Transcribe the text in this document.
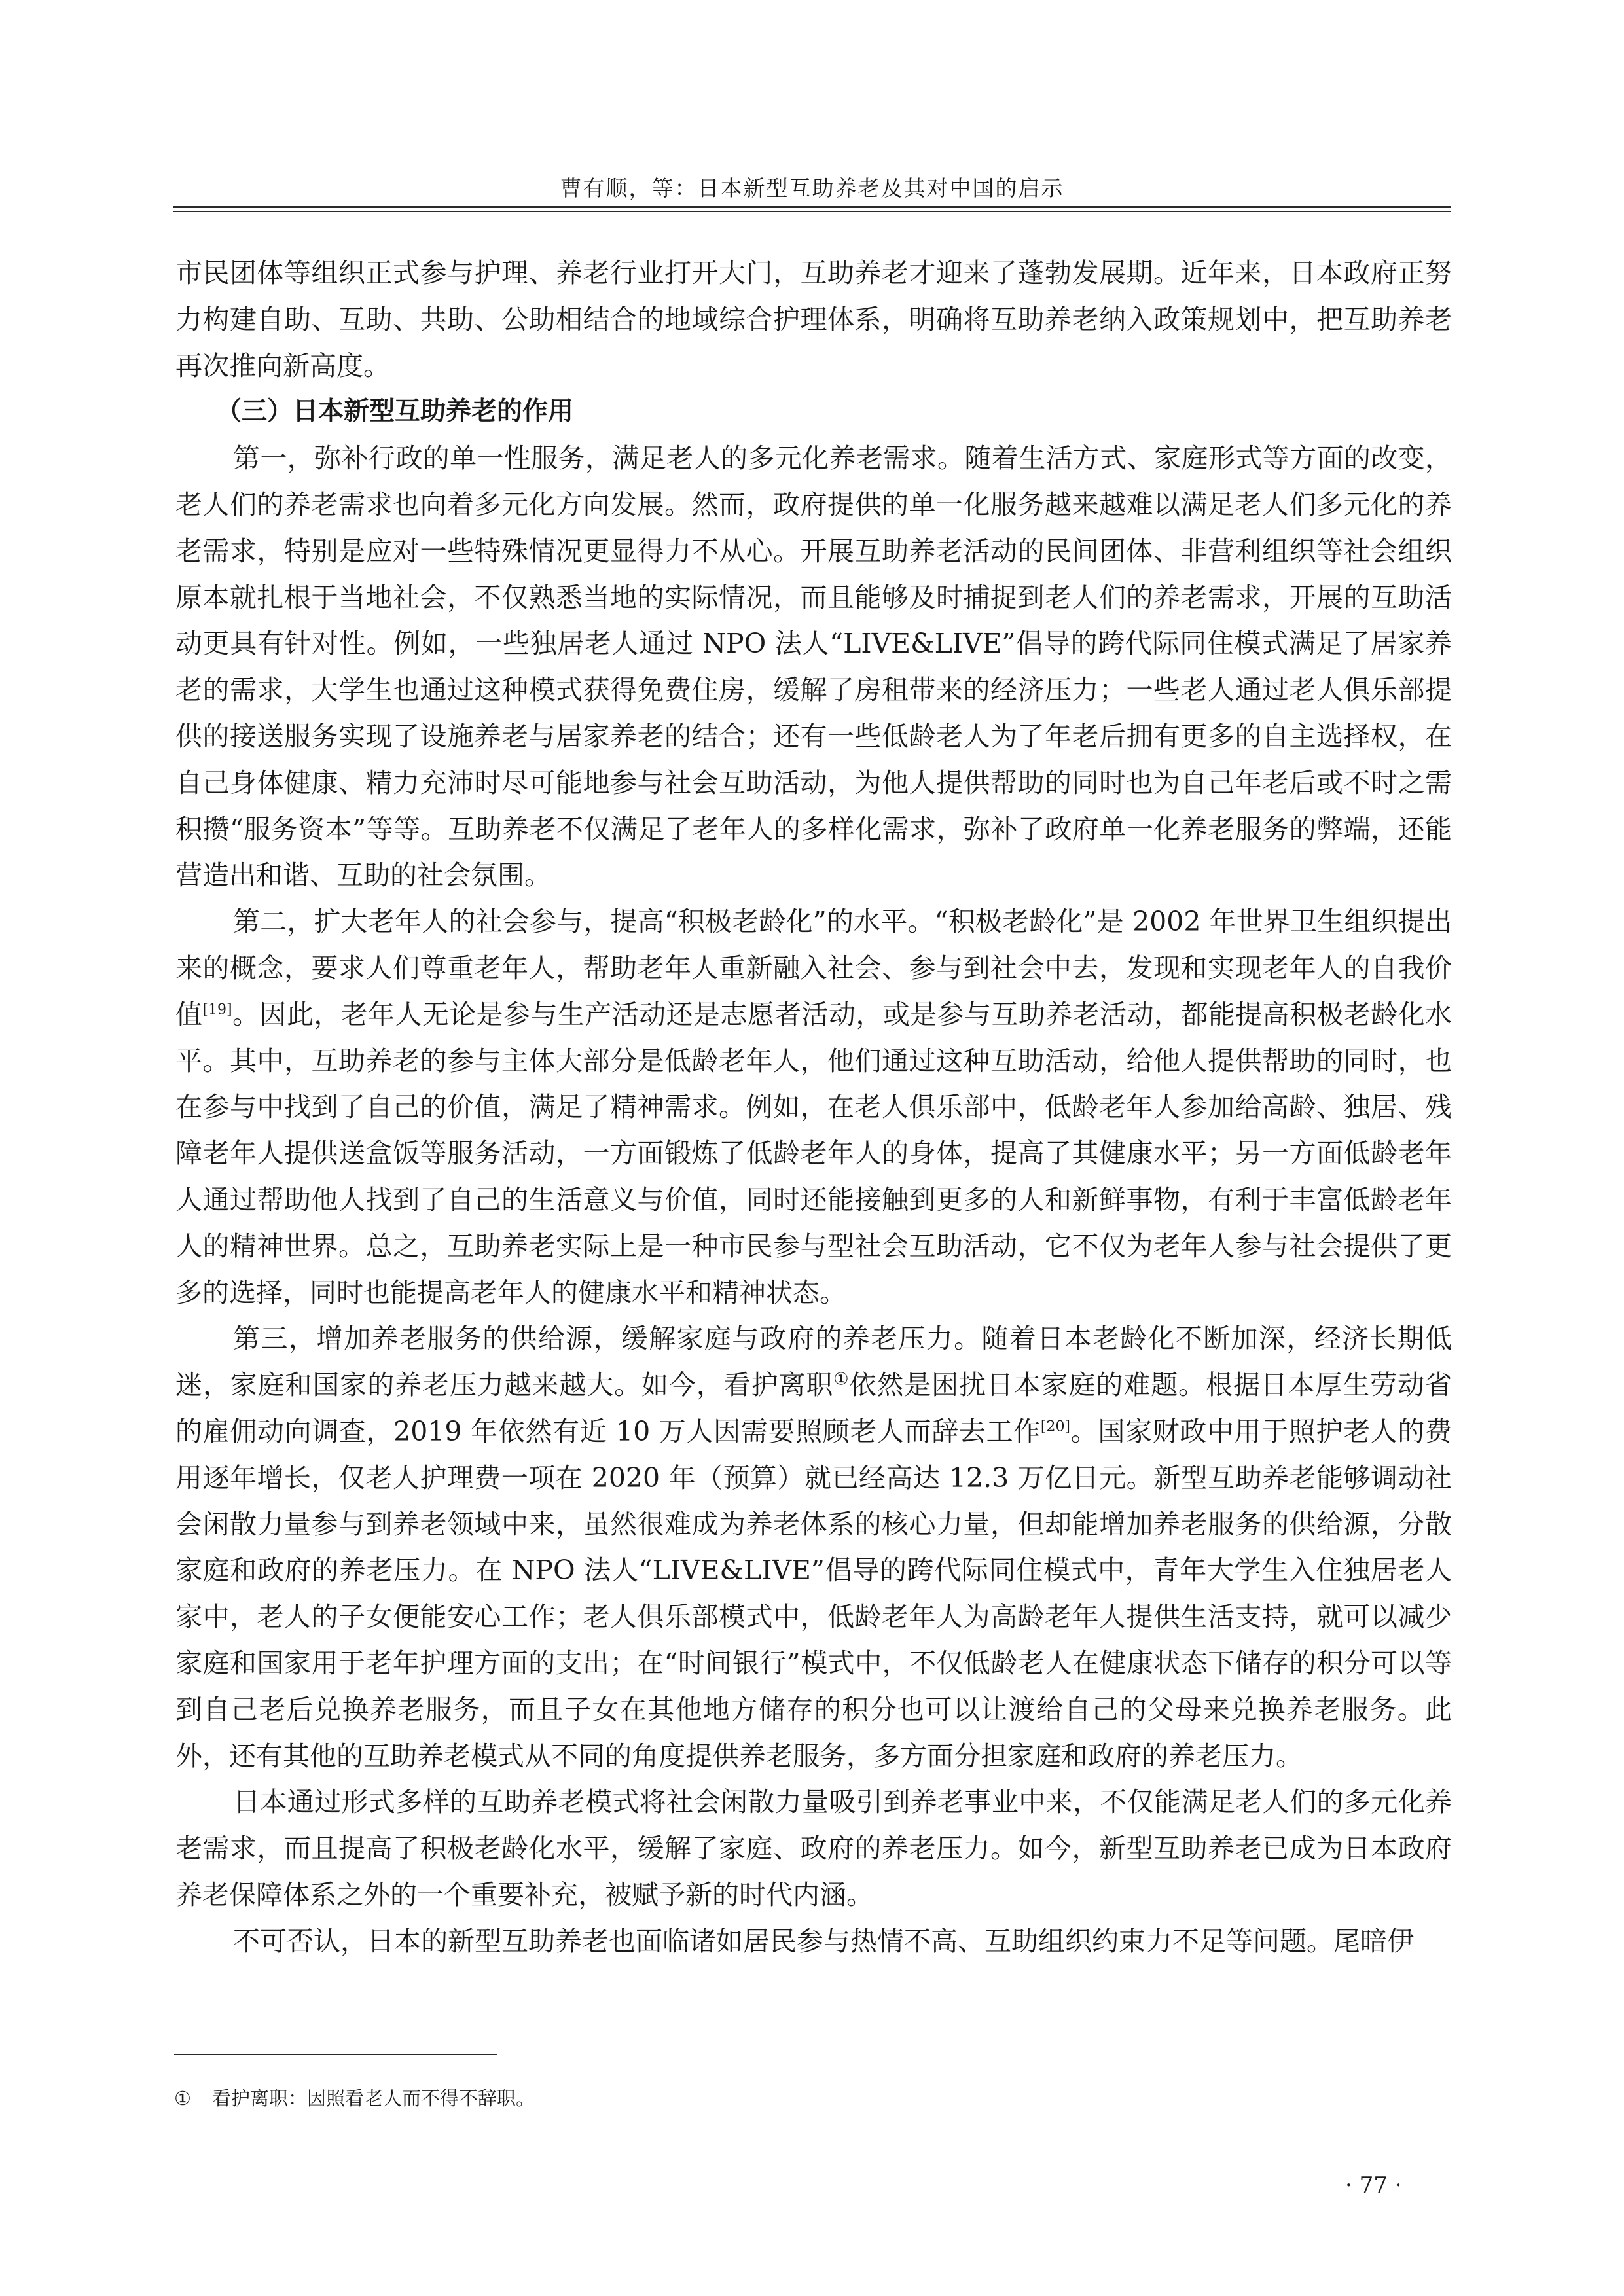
曹有顺，等：日本新型互助养老及其对中国的启示

市民团体等组织正式参与护理、养老行业打开大门，互助养老才迎来了蓬勃发展期。近年来，日本政府正努力构建自助、互助、共助、公助相结合的地域综合护理体系，明确将互助养老纳入政策规划中，把互助养老再次推向新高度。

（三）日本新型互助养老的作用

第一，弥补行政的单一性服务，满足老人的多元化养老需求。随着生活方式、家庭形式等方面的改变，老人们的养老需求也向着多元化方向发展。然而，政府提供的单一化服务越来越难以满足老人们多元化的养老需求，特别是应对一些特殊情况更显得力不从心。开展互助养老活动的民间团体、非营利组织等社会组织原本就扎根于当地社会，不仅熟悉当地的实际情况，而且能够及时捕捉到老人们的养老需求，开展的互助活动更具有针对性。例如，一些独居老人通过 NPO 法人“LIVE&LIVE”倡导的跨代际同住模式满足了居家养老的需求，大学生也通过这种模式获得免费住房，缓解了房租带来的经济压力；一些老人通过老人俱乐部提供的接送服务实现了设施养老与居家养老的结合；还有一些低龄老人为了年老后拥有更多的自主选择权，在自己身体健康、精力充沛时尽可能地参与社会互助活动，为他人提供帮助的同时也为自己年老后或不时之需积攒“服务资本”等等。互助养老不仅满足了老年人的多样化需求，弥补了政府单一化养老服务的弊端，还能营造出和谐、互助的社会氛围。

第二，扩大老年人的社会参与，提高“积极老龄化”的水平。“积极老龄化”是 2002 年世界卫生组织提出来的概念，要求人们尊重老年人，帮助老年人重新融入社会、参与到社会中去，发现和实现老年人的自我价值[19]。因此，老年人无论是参与生产活动还是志愿者活动，或是参与互助养老活动，都能提高积极老龄化水平。其中，互助养老的参与主体大部分是低龄老年人，他们通过这种互助活动，给他人提供帮助的同时，也在参与中找到了自己的价值，满足了精神需求。例如，在老人俱乐部中，低龄老年人参加给高龄、独居、残障老年人提供送盒饭等服务活动，一方面锻炼了低龄老年人的身体，提高了其健康水平；另一方面低龄老年人通过帮助他人找到了自己的生活意义与价值，同时还能接触到更多的人和新鲜事物，有利于丰富低龄老年人的精神世界。总之，互助养老实际上是一种市民参与型社会互助活动，它不仅为老年人参与社会提供了更多的选择，同时也能提高老年人的健康水平和精神状态。

第三，增加养老服务的供给源，缓解家庭与政府的养老压力。随着日本老龄化不断加深，经济长期低迷，家庭和国家的养老压力越来越大。如今，看护离职①依然是困扰日本家庭的难题。根据日本厚生劳动省的雇佣动向调查，2019 年依然有近 10 万人因需要照顾老人而辞去工作[20]。国家财政中用于照护老人的费用逐年增长，仅老人护理费一项在 2020 年（预算）就已经高达 12.3 万亿日元。新型互助养老能够调动社会闲散力量参与到养老领域中来，虽然很难成为养老体系的核心力量，但却能增加养老服务的供给源，分散家庭和政府的养老压力。在 NPO 法人“LIVE&LIVE”倡导的跨代际同住模式中，青年大学生入住独居老人家中，老人的子女便能安心工作；老人俱乐部模式中，低龄老年人为高龄老年人提供生活支持，就可以减少家庭和国家用于老年护理方面的支出；在“时间银行”模式中，不仅低龄老人在健康状态下储存的积分可以等到自己老后兑换养老服务，而且子女在其他地方储存的积分也可以让渡给自己的父母来兑换养老服务。此外，还有其他的互助养老模式从不同的角度提供养老服务，多方面分担家庭和政府的养老压力。

日本通过形式多样的互助养老模式将社会闲散力量吸引到养老事业中来，不仅能满足老人们的多元化养老需求，而且提高了积极老龄化水平，缓解了家庭、政府的养老压力。如今，新型互助养老已成为日本政府养老保障体系之外的一个重要补充，被赋予新的时代内涵。

不可否认，日本的新型互助养老也面临诸如居民参与热情不高、互助组织约束力不足等问题。尾暗伊

① 看护离职：因照看老人而不得不辞职。
· 77 ·
